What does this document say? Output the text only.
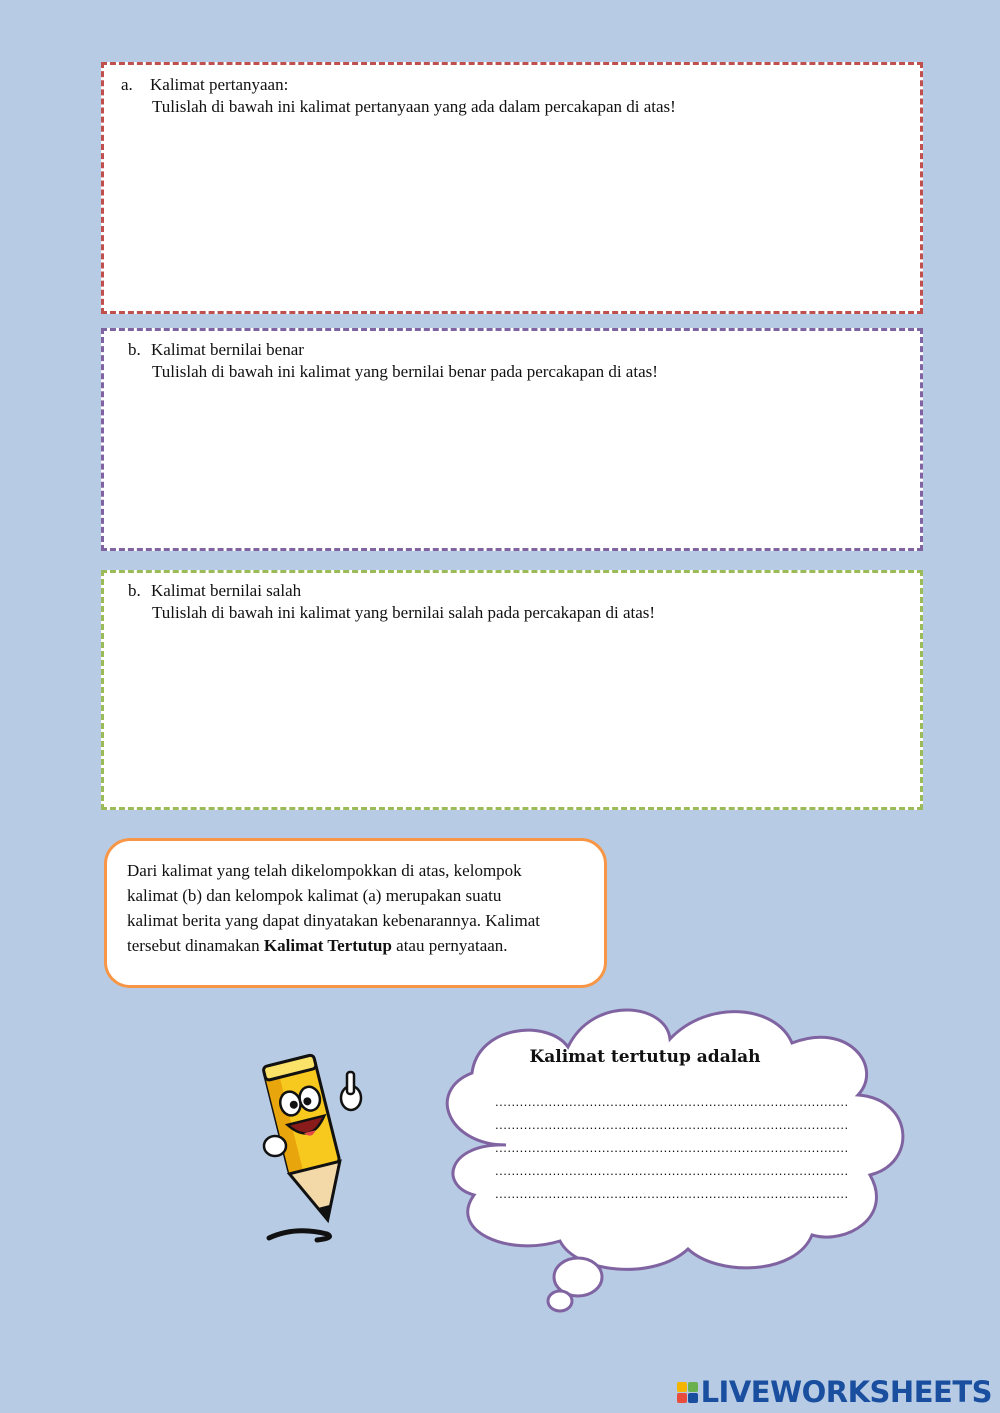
a. Kalimat pertanyaan:
Tulislah di bawah ini kalimat pertanyaan yang ada dalam percakapan di atas!
b. Kalimat bernilai benar
Tulislah di bawah ini kalimat yang bernilai benar pada percakapan di atas!
b. Kalimat bernilai salah
Tulislah di bawah ini kalimat yang bernilai salah pada percakapan di atas!
Dari kalimat yang telah dikelompokkan di atas, kelompok
kalimat (b) dan kelompok kalimat (a) merupakan suatu
kalimat berita yang dapat dinyatakan kebenarannya. Kalimat
tersebut dinamakan Kalimat Tertutup atau pernyataan.
Kalimat tertutup adalah
......................................................................................
......................................................................................
......................................................................................
......................................................................................
......................................................................................
LIVEWORKSHEETS
